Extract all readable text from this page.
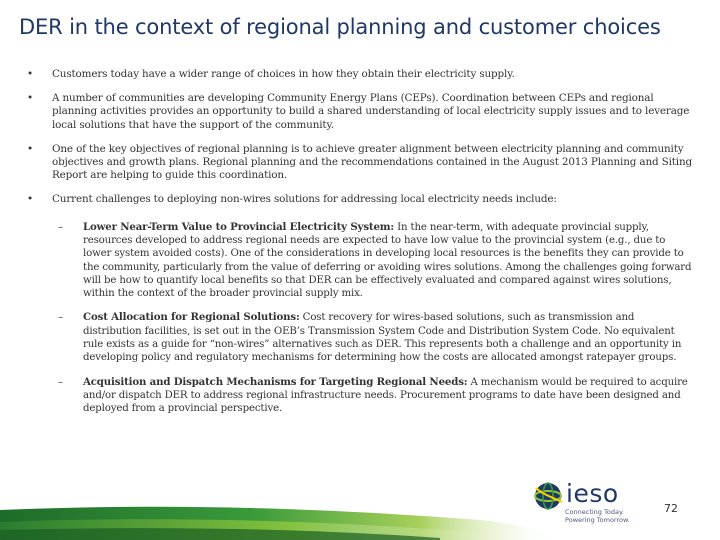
DER in the context of regional planning and customer choices
• Customers today have a wider range of choices in how they obtain their electricity supply.
• A number of communities are developing Community Energy Plans (CEPs). Coordination between CEPs and regional planning activities provides an opportunity to build a shared understanding of local electricity supply issues and to leverage local solutions that have the support of the community.
• One of the key objectives of regional planning is to achieve greater alignment between electricity planning and community objectives and growth plans. Regional planning and the recommendations contained in the August 2013 Planning and Siting Report are helping to guide this coordination.
• Current challenges to deploying non-wires solutions for addressing local electricity needs include:
– Lower Near-Term Value to Provincial Electricity System: In the near-term, with adequate provincial supply, resources developed to address regional needs are expected to have low value to the provincial system (e.g., due to lower system avoided costs). One of the considerations in developing local resources is the benefits they can provide to the community, particularly from the value of deferring or avoiding wires solutions. Among the challenges going forward will be how to quantify local benefits so that DER can be effectively evaluated and compared against wires solutions, within the context of the broader provincial supply mix.
– Cost Allocation for Regional Solutions: Cost recovery for wires-based solutions, such as transmission and distribution facilities, is set out in the OEB’s Transmission System Code and Distribution System Code. No equivalent rule exists as a guide for “non-wires” alternatives such as DER. This represents both a challenge and an opportunity in developing policy and regulatory mechanisms for determining how the costs are allocated amongst ratepayer groups.
– Acquisition and Dispatch Mechanisms for Targeting Regional Needs: A mechanism would be required to acquire and/or dispatch DER to address regional infrastructure needs. Procurement programs to date have been designed and deployed from a provincial perspective.
ieso
Connecting Today.
Powering Tomorrow.
72
